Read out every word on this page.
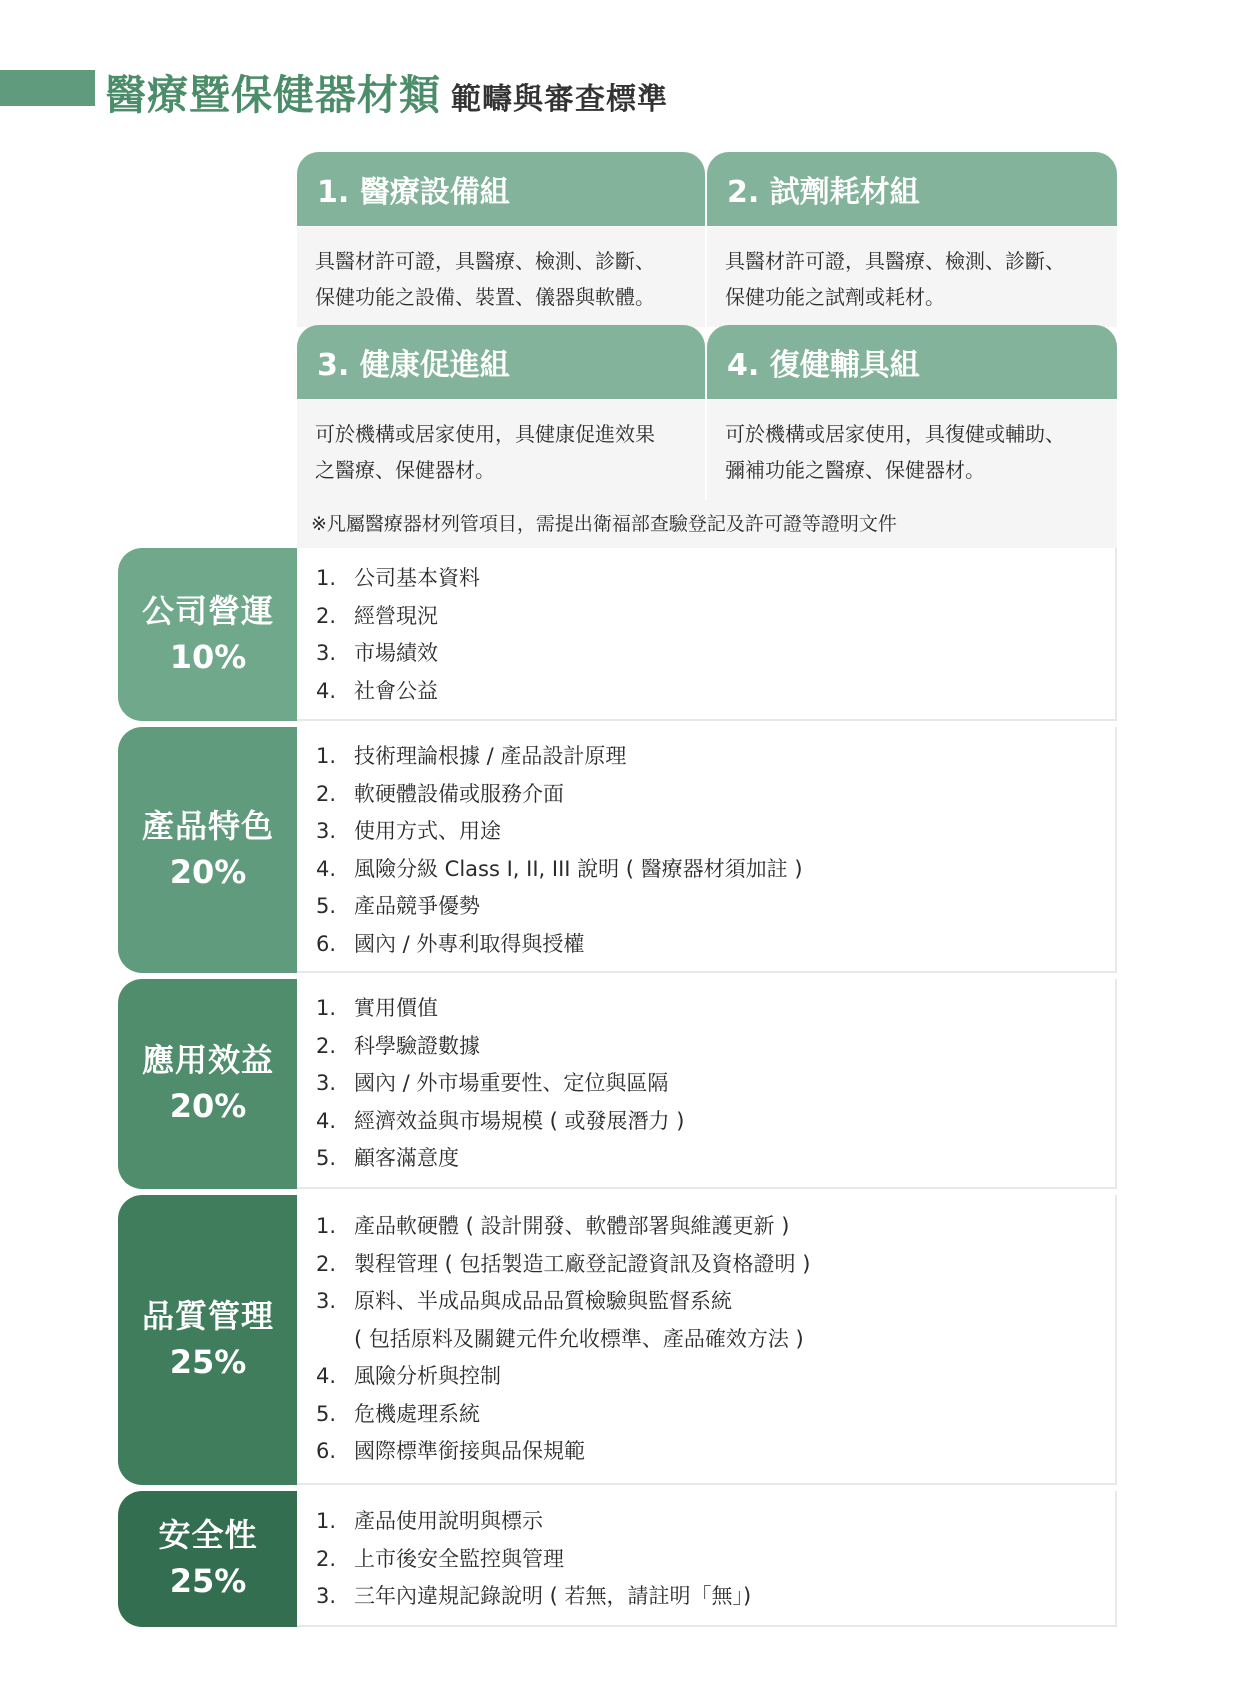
醫療暨保健器材類 範疇與審查標準
1. 醫療設備組
具醫材許可證，具醫療、檢測、診斷、
保健功能之設備、裝置、儀器與軟體。
2. 試劑耗材組
具醫材許可證，具醫療、檢測、診斷、
保健功能之試劑或耗材。
3. 健康促進組
可於機構或居家使用，具健康促進效果
之醫療、保健器材。
4. 復健輔具組
可於機構或居家使用，具復健或輔助、
彌補功能之醫療、保健器材。
※凡屬醫療器材列管項目，需提出衛福部查驗登記及許可證等證明文件
公司營運
10%
1. 公司基本資料
2. 經營現況
3. 市場績效
4. 社會公益
產品特色
20%
1. 技術理論根據 / 產品設計原理
2. 軟硬體設備或服務介面
3. 使用方式、用途
4. 風險分級 Class I, II, III 說明 ( 醫療器材須加註 )
5. 產品競爭優勢
6. 國內 / 外專利取得與授權
應用效益
20%
1. 實用價值
2. 科學驗證數據
3. 國內 / 外市場重要性、定位與區隔
4. 經濟效益與市場規模 ( 或發展潛力 )
5. 顧客滿意度
品質管理
25%
1. 產品軟硬體 ( 設計開發、軟體部署與維護更新 )
2. 製程管理 ( 包括製造工廠登記證資訊及資格證明 )
3. 原料、半成品與成品品質檢驗與監督系統
( 包括原料及關鍵元件允收標準、產品確效方法 )
4. 風險分析與控制
5. 危機處理系統
6. 國際標準銜接與品保規範
安全性
25%
1. 產品使用說明與標示
2. 上市後安全監控與管理
3. 三年內違規記錄說明 ( 若無，請註明「無」)
